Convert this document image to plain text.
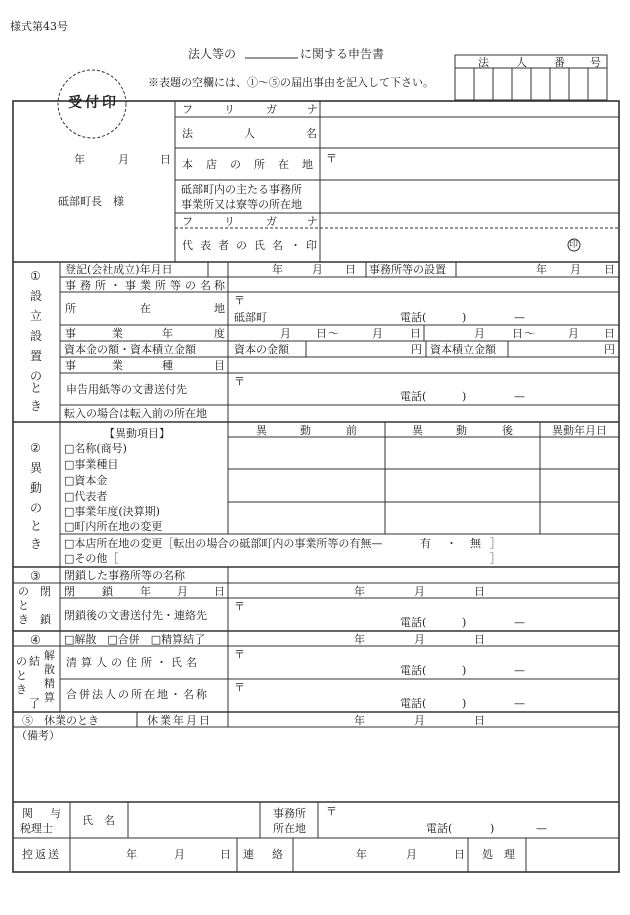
様式第43号
法人等の	に関する申告書
※表題の空欄には、①～⑤の届出事由を記入して下さい。
法 人 番 号
受付印
年	月	日
砥部町長　様
フ	リ	ガ	ナ
法	人	名
本 店 の 所 在 地 〒
砥部町内の主たる事務所
事業所又は寮等の所在地
フ	リ	ガ	ナ
代 表 者 の 氏 名 ・ 印	印
①
設
立
設
置
の
と
き
登記(会社成立)年月日	年	月 日 事務所等の設置	年 月 日
事 務 所 ・ 事 業 所 等 の 名 称
所	在	地
〒
砥部町	電話(	)	—
事	業	年	度	月 日 ～	月 日	月 日 ～	月 日
資本金の額・資本積立金額	資本の金額	円 資本積立金額	円
事	業	種	目
申告用紙等の文書送付先
〒
電話(	)	—
転入の場合は転入前の所在地
②
異
動
の
と
き
【異動項目】	異	動	前	異	動	後	異動年月日
□名称(商号)
□事業種目
□資本金
□代表者
□事業年度(決算期)
□町内所在地の変更
□本店所在地の変更［転出の場合の砥部町内の事業所等の有無—	有 ・ 無 ］
□その他［	］
③
の
と
き
閉
鎖
閉鎖した事務所等の名称
閉 鎖 年 月 日	年	月	日
閉鎖後の文書送付先・連絡先
〒
電話(	)	—
④
の
と
き
結
了
解
散
精
算
□解散　□合併　□精算結了	年	月	日
清算人の住所・氏名
〒
電話(	)	—
合併法人の所在地・名称
〒
電話(	)	—
⑤　休業のとき	休業年月日	年	月	日
（備考）
関 与
税理士
氏　名
事務所
所在地
〒
電話(	)	—
控返送	年	月	日 連 絡	年	月	日 処 理
